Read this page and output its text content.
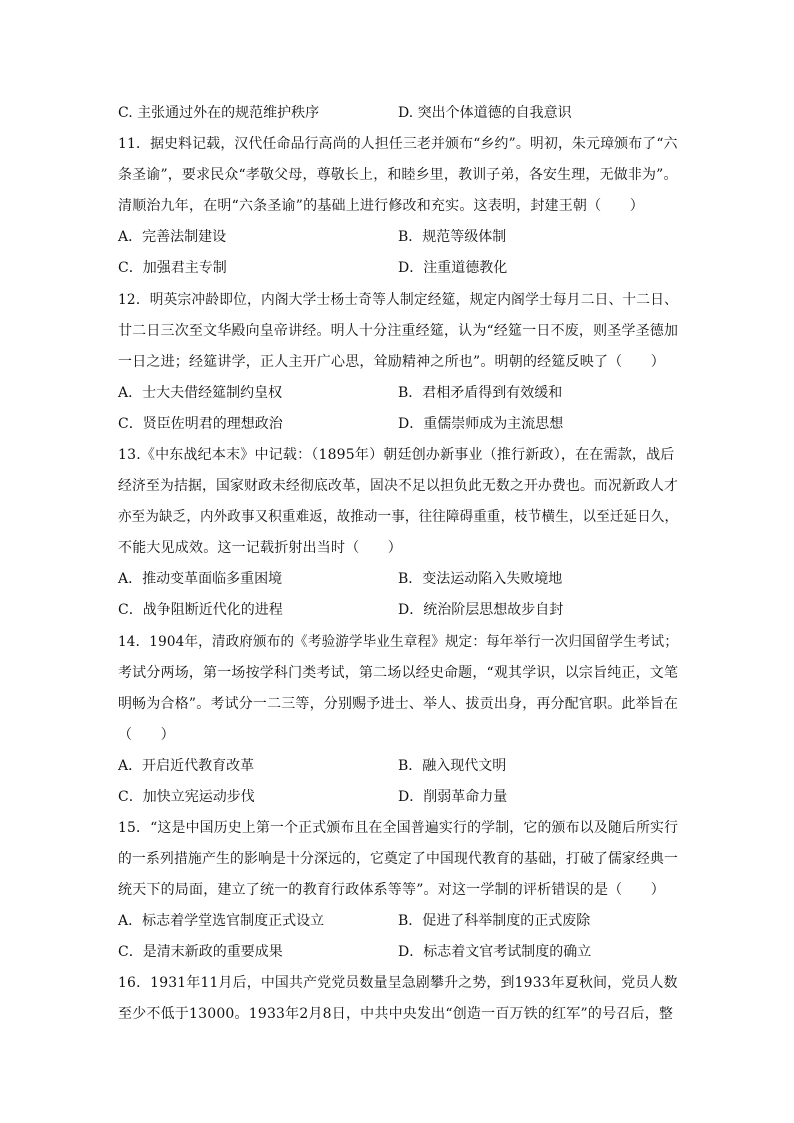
C. 主张通过外在的规范维护秩序	D. 突出个体道德的自我意识
11．据史料记载，汉代任命品行高尚的人担任三老并颁布“乡约”。明初，朱元璋颁布了“六
条圣谕”，要求民众“孝敬父母，尊敬长上，和睦乡里，教训子弟，各安生理，无做非为”。
清顺治九年，在明“六条圣谕”的基础上进行修改和充实。这表明，封建王朝（　　）
A．完善法制建设	B．规范等级体制
C．加强君主专制	D．注重道德教化
12．明英宗冲龄即位，内阁大学士杨士奇等人制定经筵，规定内阁学士每月二日、十二日、
廿二日三次至文华殿向皇帝讲经。明人十分注重经筵，认为“经筵一日不废，则圣学圣德加
一日之进；经筵讲学，正人主开广心思，耸励精神之所也”。明朝的经筵反映了（　　）
A．士大夫借经筵制约皇权	B．君相矛盾得到有效缓和
C．贤臣佐明君的理想政治	D．重儒崇师成为主流思想
13.《中东战纪本末》中记载：（1895年）朝廷创办新事业（推行新政），在在需款，战后
经济至为拮据，国家财政未经彻底改革，固决不足以担负此无数之开办费也。而况新政人才
亦至为缺乏，内外政事又积重难返，故推动一事，往往障碍重重，枝节横生，以至迁延日久，
不能大见成效。这一记载折射出当时（　　）
A．推动变革面临多重困境	B．变法运动陷入失败境地
C．战争阻断近代化的进程	D．统治阶层思想故步自封
14．1904年，清政府颁布的《考验游学毕业生章程》规定：每年举行一次归国留学生考试；
考试分两场，第一场按学科门类考试，第二场以经史命题，“观其学识，以宗旨纯正，文笔
明畅为合格”。考试分一二三等，分别赐予进士、举人、拔贡出身，再分配官职。此举旨在
（　　）
A．开启近代教育改革	B．融入现代文明
C．加快立宪运动步伐	D．削弱革命力量
15．“这是中国历史上第一个正式颁布且在全国普遍实行的学制，它的颁布以及随后所实行
的一系列措施产生的影响是十分深远的，它奠定了中国现代教育的基础，打破了儒家经典一
统天下的局面，建立了统一的教育行政体系等等”。对这一学制的评析错误的是（　　）
A．标志着学堂选官制度正式设立	B．促进了科举制度的正式废除
C．是清末新政的重要成果	D．标志着文官考试制度的确立
16．1931年11月后，中国共产党党员数量呈急剧攀升之势，到1933年夏秋间，党员人数
至少不低于13000。1933年2月8日，中共中央发出“创造一百万铁的红军”的号召后，整
